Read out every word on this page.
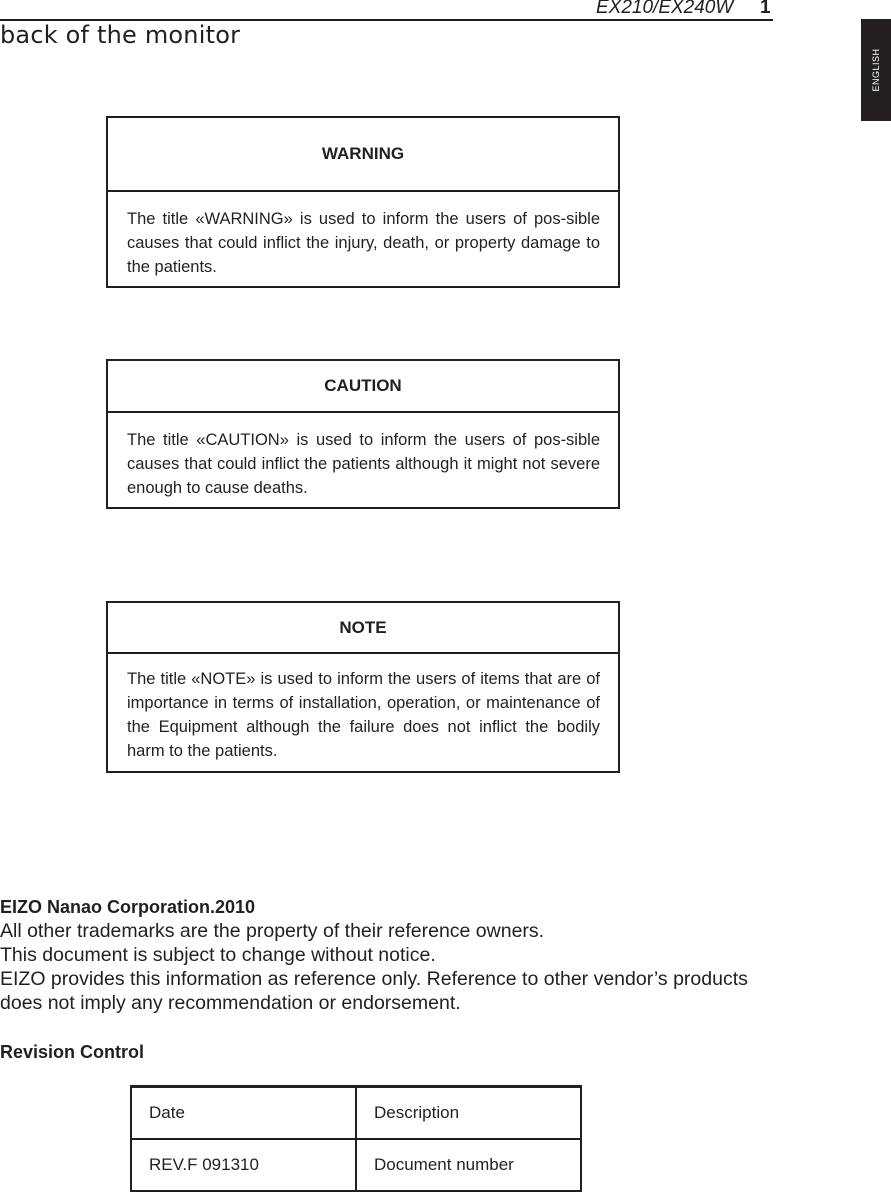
EX210/EX240W 1
back of the monitor
ENGLISH
WARNING
The title «WARNING» is used to inform the users of pos-sible causes that could inflict the injury, death, or property damage to the patients.
CAUTION
The title «CAUTION» is used to inform the users of pos-sible causes that could inflict the patients although it might not severe enough to cause deaths.
NOTE
The title «NOTE» is used to inform the users of items that are of importance in terms of installation, operation, or maintenance of the Equipment although the failure does not inflict the bodily harm to the patients.
EIZO Nanao Corporation.2010
All other trademarks are the property of their reference owners.
This document is subject to change without notice.
EIZO provides this information as reference only. Reference to other vendor’s products does not imply any recommendation or endorsement.
Revision Control
Date	Description
REV.F 091310	Document number
